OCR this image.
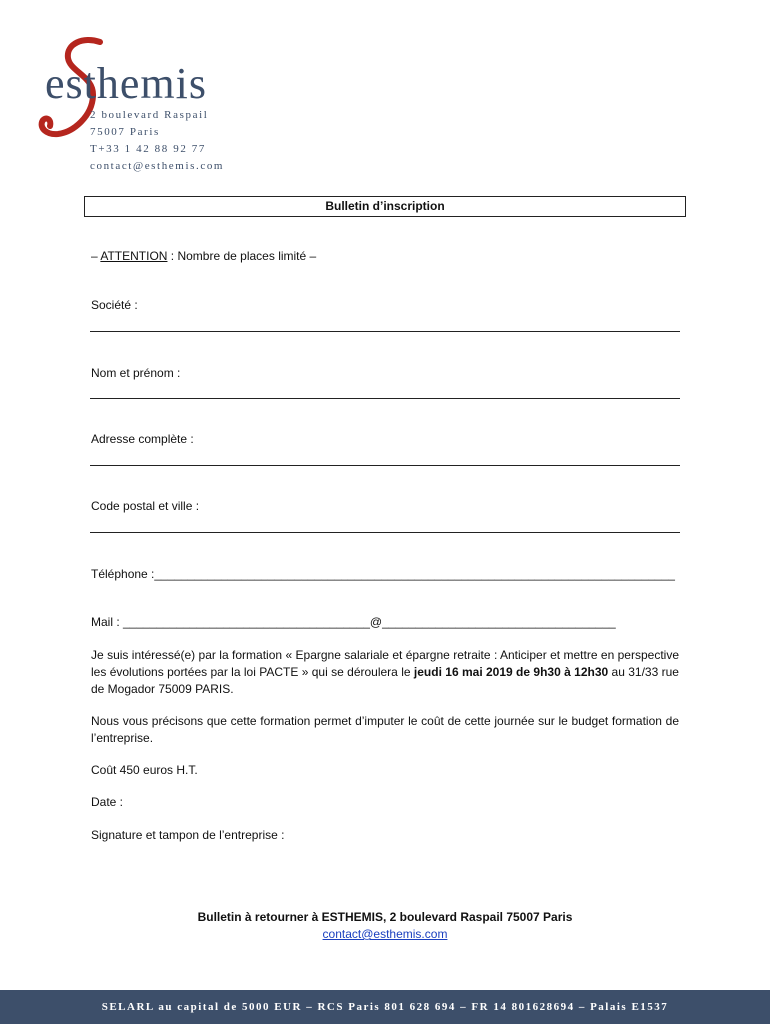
esthemis
2 boulevard Raspail
75007 Paris
T+33 1 42 88 92 77
contact@esthemis.com
Bulletin d’inscription
– ATTENTION : Nombre de places limité –
Société :
Nom et prénom :
Adresse complète :
Code postal et ville :
Téléphone :______________________________________________________________________________
Mail : _____________________________________@___________________________________
Je suis intéressé(e) par la formation « Epargne salariale et épargne retraite : Anticiper et mettre en perspective les évolutions portées par la loi PACTE » qui se déroulera le jeudi 16 mai 2019 de 9h30 à 12h30 au 31/33 rue de Mogador 75009 PARIS.
Nous vous précisons que cette formation permet d’imputer le coût de cette journée sur le budget formation de l’entreprise.
Coût 450 euros H.T.
Date :
Signature et tampon de l’entreprise :
Bulletin à retourner à ESTHEMIS, 2 boulevard Raspail 75007 Paris
contact@esthemis.com
SELARL au capital de 5000 EUR – RCS Paris 801 628 694 – FR 14 801628694 – Palais E1537
